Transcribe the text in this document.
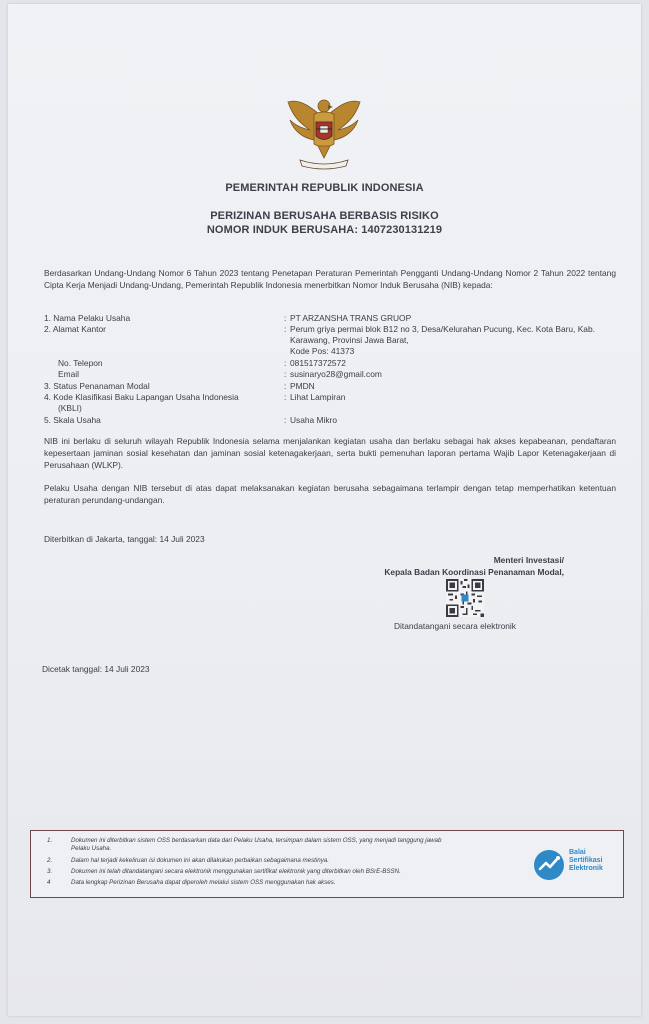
PEMERINTAH REPUBLIK INDONESIA
PERIZINAN BERUSAHA BERBASIS RISIKO
NOMOR INDUK BERUSAHA: 1407230131219
Berdasarkan Undang-Undang Nomor 6 Tahun 2023 tentang Penetapan Peraturan Pemerintah Pengganti Undang-Undang Nomor 2 Tahun 2022 tentang Cipta Kerja Menjadi Undang-Undang, Pemerintah Republik Indonesia menerbitkan Nomor Induk Berusaha (NIB) kepada:
1. Nama Pelaku Usaha	: PT ARZANSHA TRANS GRUOP
2. Alamat Kantor	: Perum griya permai blok B12 no 3, Desa/Kelurahan Pucung, Kec. Kota Baru, Kab. Karawang, Provinsi Jawa Barat,
Kode Pos: 41373
No. Telepon	: 081517372572
Email	: susinaryo28@gmail.com
3. Status Penanaman Modal	: PMDN
4. Kode Klasifikasi Baku Lapangan Usaha Indonesia	: Lihat Lampiran
(KBLI)
5. Skala Usaha	: Usaha Mikro
NIB ini berlaku di seluruh wilayah Republik Indonesia selama menjalankan kegiatan usaha dan berlaku sebagai hak akses kepabeanan, pendaftaran kepesertaan jaminan sosial kesehatan dan jaminan sosial ketenagakerjaan, serta bukti pemenuhan laporan pertama Wajib Lapor Ketenagakerjaan di Perusahaan (WLKP).
Pelaku Usaha dengan NIB tersebut di atas dapat melaksanakan kegiatan berusaha sebagaimana terlampir dengan tetap memperhatikan ketentuan peraturan perundang-undangan.
Diterbitkan di Jakarta, tanggal: 14 Juli 2023
Menteri Investasi/
Kepala Badan Koordinasi Penanaman Modal,
Ditandatangani secara elektronik
Dicetak tanggal: 14 Juli 2023
1.	Dokumen ini diterbitkan sistem OSS berdasarkan data dari Pelaku Usaha, tersimpan dalam sistem OSS, yang menjadi tanggung jawab
Pelaku Usaha.
2.	Dalam hal terjadi kekeliruan isi dokumen ini akan dilakukan perbaikan sebagaimana mestinya.
3.	Dokumen ini telah ditandatangani secara elektronik menggunakan sertifikat elektronik yang diterbitkan oleh BSrE-BSSN.
4	Data lengkap Perizinan Berusaha dapat diperoleh melalui sistem OSS menggunakan hak akses.
Balai
Sertifikasi
Elektronik
